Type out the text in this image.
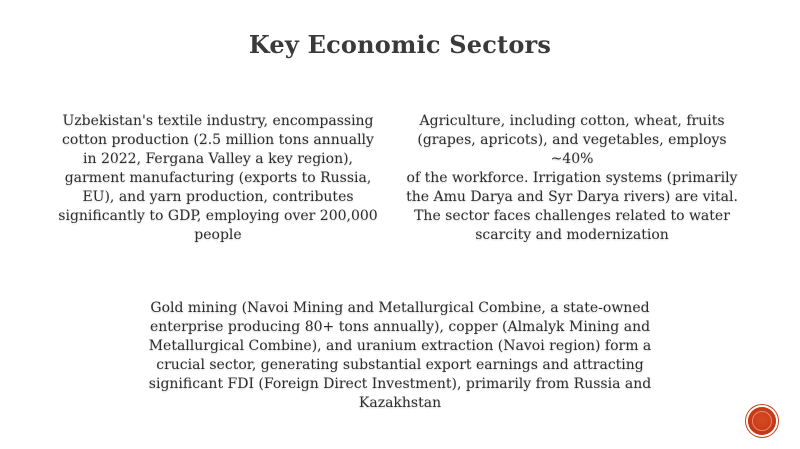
Key Economic Sectors
Uzbekistan's textile industry, encompassing
cotton production (2.5 million tons annually
in 2022, Fergana Valley a key region),
garment manufacturing (exports to Russia,
EU), and yarn production, contributes
significantly to GDP, employing over 200,000
people
Agriculture, including cotton, wheat, fruits
(grapes, apricots), and vegetables, employs ~40%
of the workforce. Irrigation systems (primarily
the Amu Darya and Syr Darya rivers) are vital.
The sector faces challenges related to water
scarcity and modernization
Gold mining (Navoi Mining and Metallurgical Combine, a state-owned
enterprise producing 80+ tons annually), copper (Almalyk Mining and
Metallurgical Combine), and uranium extraction (Navoi region) form a
crucial sector, generating substantial export earnings and attracting
significant FDI (Foreign Direct Investment), primarily from Russia and
Kazakhstan
